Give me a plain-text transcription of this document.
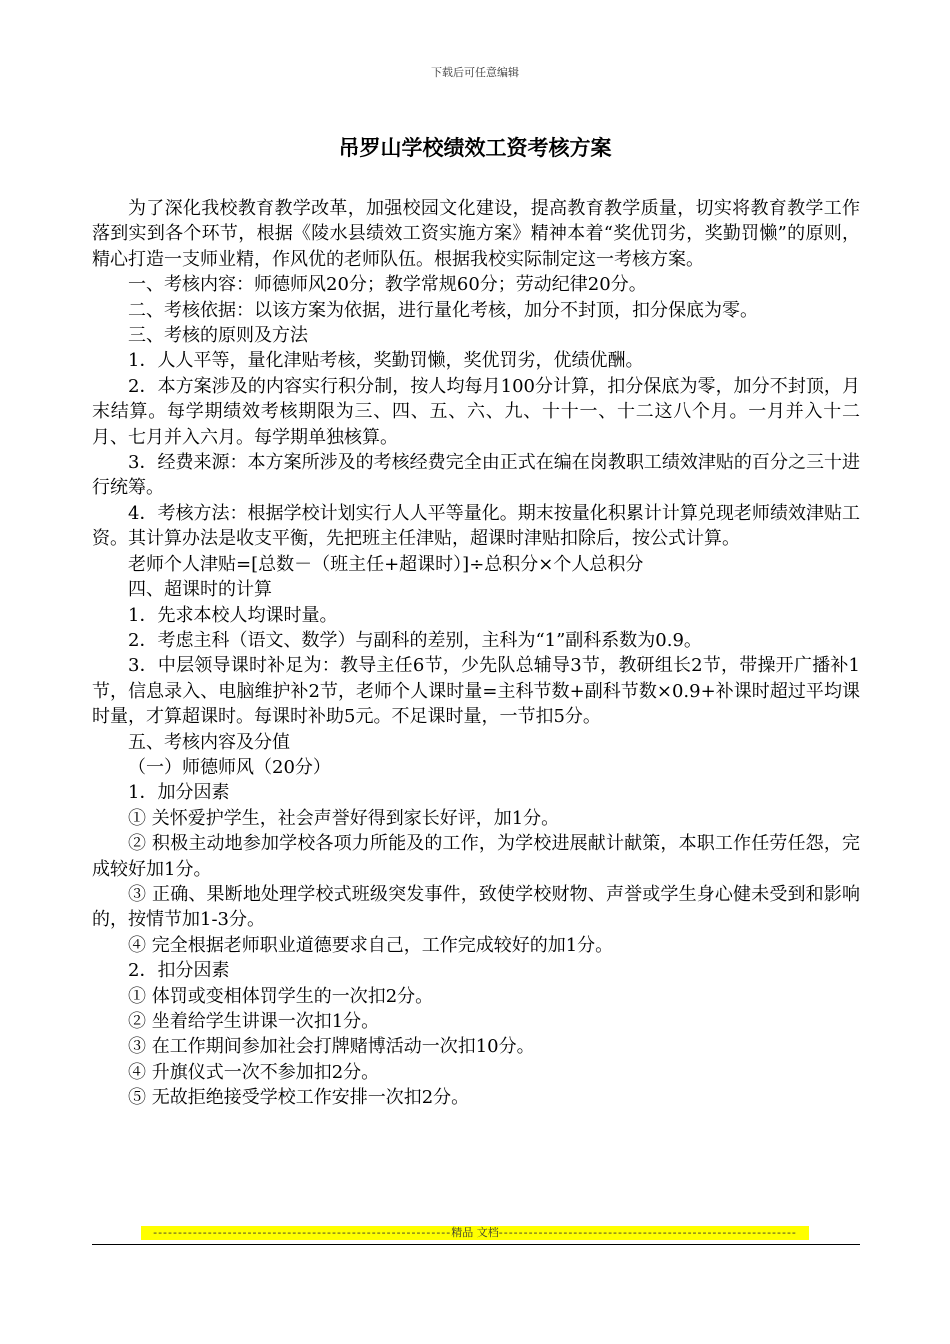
下载后可任意编辑
吊罗山学校绩效工资考核方案

为了深化我校教育教学改革，加强校园文化建设，提高教育教学质量，切实将教育教学工作落到实到各个环节，根据《陵水县绩效工资实施方案》精神本着“奖优罚劣，奖勤罚懒”的原则，精心打造一支师业精，作风优的老师队伍。根据我校实际制定这一考核方案。

一、考核内容：师德师风20分；教学常规60分；劳动纪律20分。

二、考核依据：以该方案为依据，进行量化考核，加分不封顶，扣分保底为零。

三、考核的原则及方法

1．人人平等，量化津贴考核，奖勤罚懒，奖优罚劣，优绩优酬。

2．本方案涉及的内容实行积分制，按人均每月100分计算，扣分保底为零，加分不封顶，月末结算。每学期绩效考核期限为三、四、五、六、九、十十一、十二这八个月。一月并入十二月、七月并入六月。每学期单独核算。

3．经费来源：本方案所涉及的考核经费完全由正式在编在岗教职工绩效津贴的百分之三十进行统筹。

4．考核方法：根据学校计划实行人人平等量化。期末按量化积累计计算兑现老师绩效津贴工资。其计算办法是收支平衡，先把班主任津贴，超课时津贴扣除后，按公式计算。

老师个人津贴=[总数－（班主任+超课时）]÷总积分×个人总积分

四、超课时的计算

1．先求本校人均课时量。

2．考虑主科（语文、数学）与副科的差别，主科为“1”副科系数为0.9。

3．中层领导课时补足为：教导主任6节，少先队总辅导3节，教研组长2节，带操开广播补1节，信息录入、电脑维护补2节，老师个人课时量=主科节数+副科节数×0.9+补课时超过平均课时量，才算超课时。每课时补助5元。不足课时量，一节扣5分。

五、考核内容及分值

（一）师德师风（20分）

1．加分因素

① 关怀爱护学生，社会声誉好得到家长好评，加1分。

② 积极主动地参加学校各项力所能及的工作，为学校进展献计献策，本职工作任劳任怨，完成较好加1分。

③ 正确、果断地处理学校式班级突发事件，致使学校财物、声誉或学生身心健未受到和影响的，按情节加1-3分。

④ 完全根据老师职业道德要求自己，工作完成较好的加1分。

2．扣分因素

① 体罚或变相体罚学生的一次扣2分。

② 坐着给学生讲课一次扣1分。

③ 在工作期间参加社会打牌赌博活动一次扣10分。

④ 升旗仪式一次不参加扣2分。

⑤ 无故拒绝接受学校工作安排一次扣2分。

------------------------------------------------------------精品 文档------------------------------------------------------------
